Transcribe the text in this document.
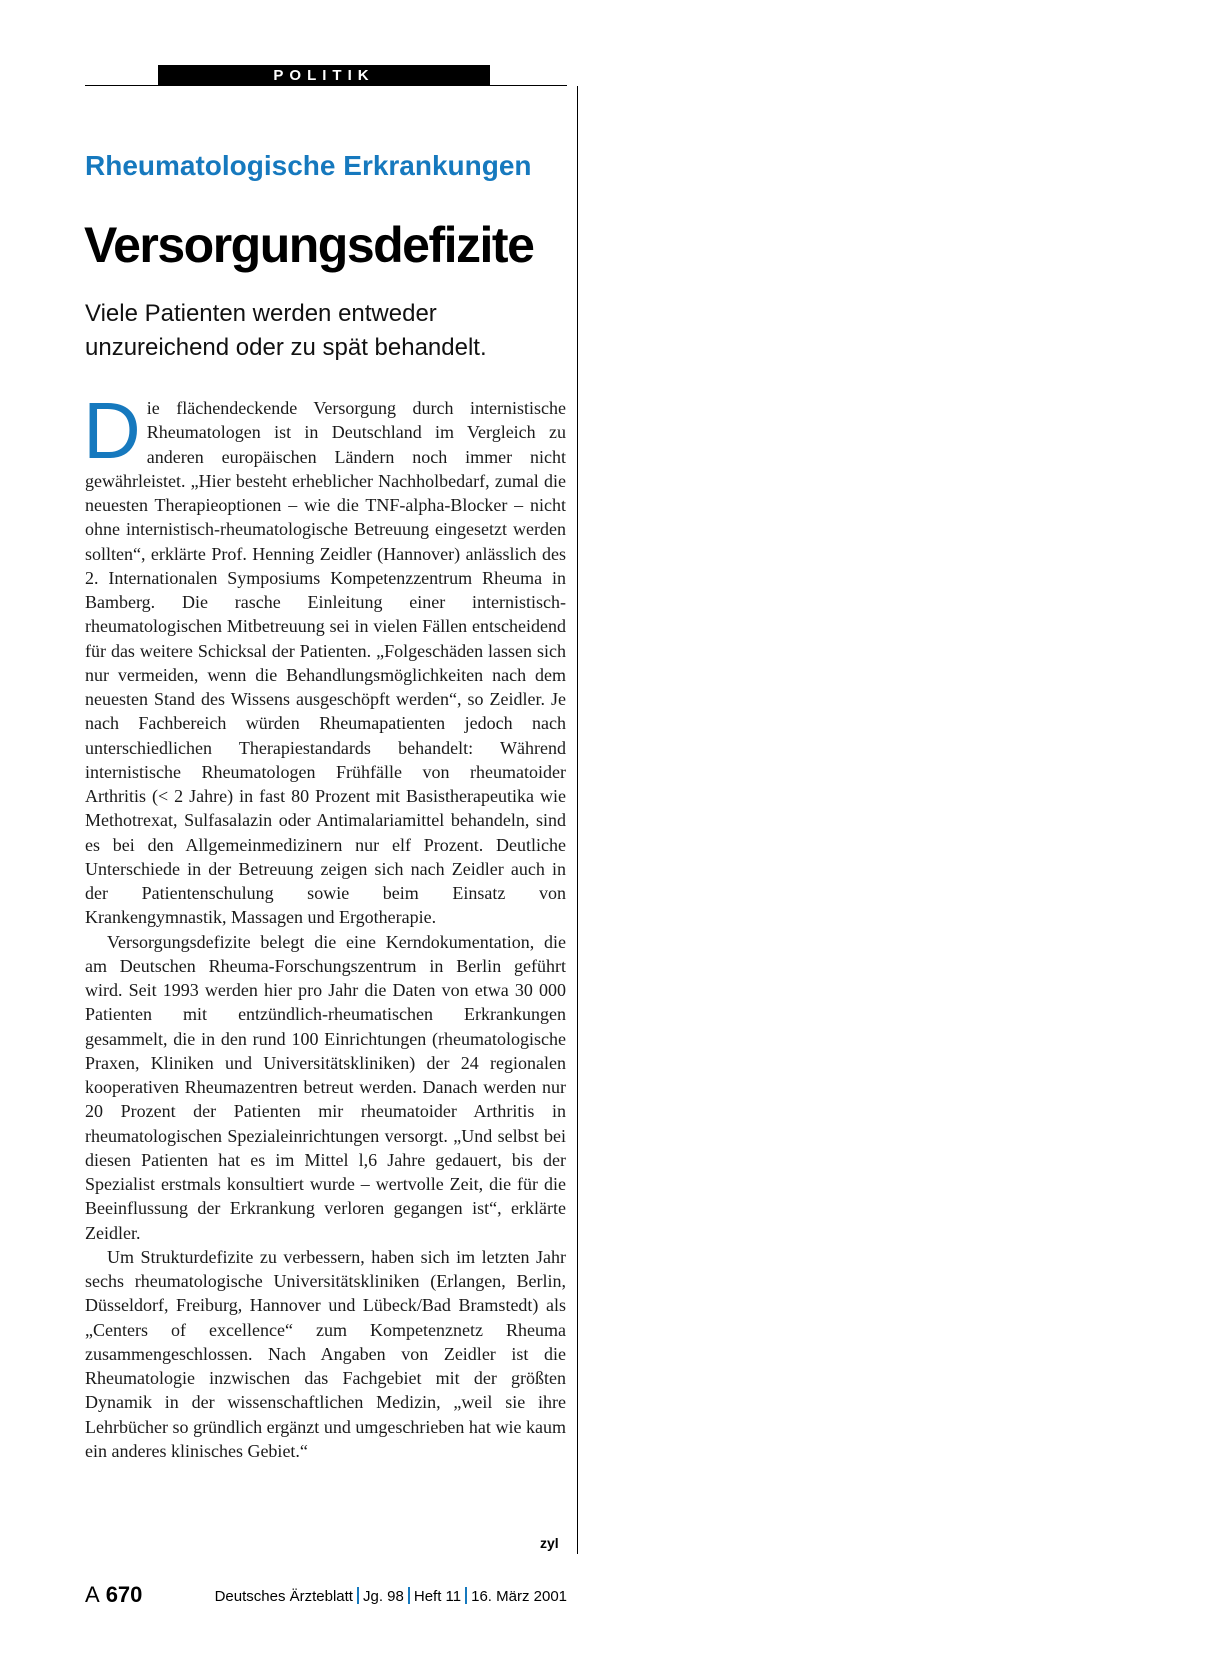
POLITIK
Rheumatologische Erkrankungen
Versorgungsdefizite
Viele Patienten werden entweder unzureichend oder zu spät behandelt.

Die flächendeckende Versorgung durch internistische Rheumatologen ist in Deutschland im Vergleich zu anderen europäischen Ländern noch immer nicht gewährleistet. „Hier besteht erheblicher Nachholbedarf, zumal die neuesten Therapieoptionen – wie die TNF-alpha-Blocker – nicht ohne internistisch-rheumatologische Betreuung eingesetzt werden sollten“, erklärte Prof. Henning Zeidler (Hannover) anlässlich des 2. Internationalen Symposiums Kompetenzzentrum Rheuma in Bamberg. Die rasche Einleitung einer internistisch-rheumatologischen Mitbetreuung sei in vielen Fällen entscheidend für das weitere Schicksal der Patienten. „Folgeschäden lassen sich nur vermeiden, wenn die Behandlungsmöglichkeiten nach dem neuesten Stand des Wissens ausgeschöpft werden“, so Zeidler. Je nach Fachbereich würden Rheumapatienten jedoch nach unterschiedlichen Therapiestandards behandelt: Während internistische Rheumatologen Frühfälle von rheumatoider Arthritis (< 2 Jahre) in fast 80 Prozent mit Basistherapeutika wie Methotrexat, Sulfasalazin oder Antimalariamittel behandeln, sind es bei den Allgemeinmedizinern nur elf Prozent. Deutliche Unterschiede in der Betreuung zeigen sich nach Zeidler auch in der Patientenschulung sowie beim Einsatz von Krankengymnastik, Massagen und Ergotherapie.

Versorgungsdefizite belegt die eine Kerndokumentation, die am Deutschen Rheuma-Forschungszentrum in Berlin geführt wird. Seit 1993 werden hier pro Jahr die Daten von etwa 30 000 Patienten mit entzündlich-rheumatischen Erkrankungen gesammelt, die in den rund 100 Einrichtungen (rheumatologische Praxen, Kliniken und Universitätskliniken) der 24 regionalen kooperativen Rheumazentren betreut werden. Danach werden nur 20 Prozent der Patienten mir rheumatoider Arthritis in rheumatologischen Spezialeinrichtungen versorgt. „Und selbst bei diesen Patienten hat es im Mittel l,6 Jahre gedauert, bis der Spezialist erstmals konsultiert wurde – wertvolle Zeit, die für die Beeinflussung der Erkrankung verloren gegangen ist“, erklärte Zeidler.

Um Strukturdefizite zu verbessern, haben sich im letzten Jahr sechs rheumatologische Universitätskliniken (Erlangen, Berlin, Düsseldorf, Freiburg, Hannover und Lübeck/Bad Bramstedt) als „Centers of excellence“ zum Kompetenznetz Rheuma zusammengeschlossen. Nach Angaben von Zeidler ist die Rheumatologie inzwischen das Fachgebiet mit der größten Dynamik in der wissenschaftlichen Medizin, „weil sie ihre Lehrbücher so gründlich ergänzt und umgeschrieben hat wie kaum ein anderes klinisches Gebiet.“

zyl
A 670	Deutsches Ärzteblatt Jg. 98 Heft 11 16. März 2001
